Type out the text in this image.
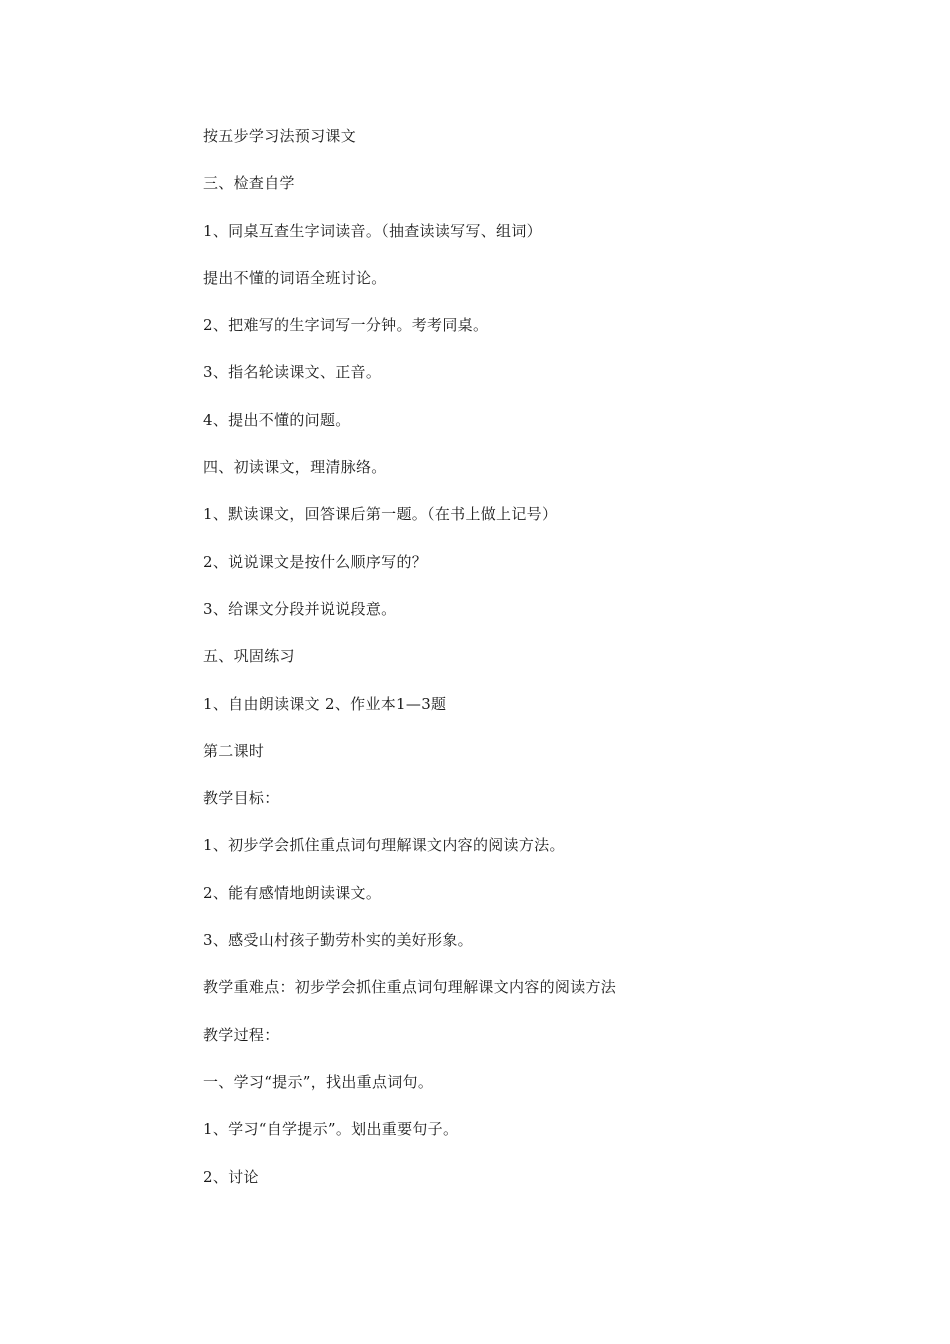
按五步学习法预习课文
三、检查自学
1、同桌互查生字词读音。（抽查读读写写、组词）
提出不懂的词语全班讨论。
2、把难写的生字词写一分钟。考考同桌。
3、指名轮读课文、正音。
4、提出不懂的问题。
四、初读课文，理清脉络。
1、默读课文，回答课后第一题。（在书上做上记号）
2、说说课文是按什么顺序写的？
3、给课文分段并说说段意。
五、巩固练习
1、自由朗读课文 2、作业本1—3题
第二课时
教学目标：
1、初步学会抓住重点词句理解课文内容的阅读方法。
2、能有感情地朗读课文。
3、感受山村孩子勤劳朴实的美好形象。
教学重难点：初步学会抓住重点词句理解课文内容的阅读方法
教学过程：
一、学习“提示”，找出重点词句。
1、学习“自学提示”。划出重要句子。
2、讨论
